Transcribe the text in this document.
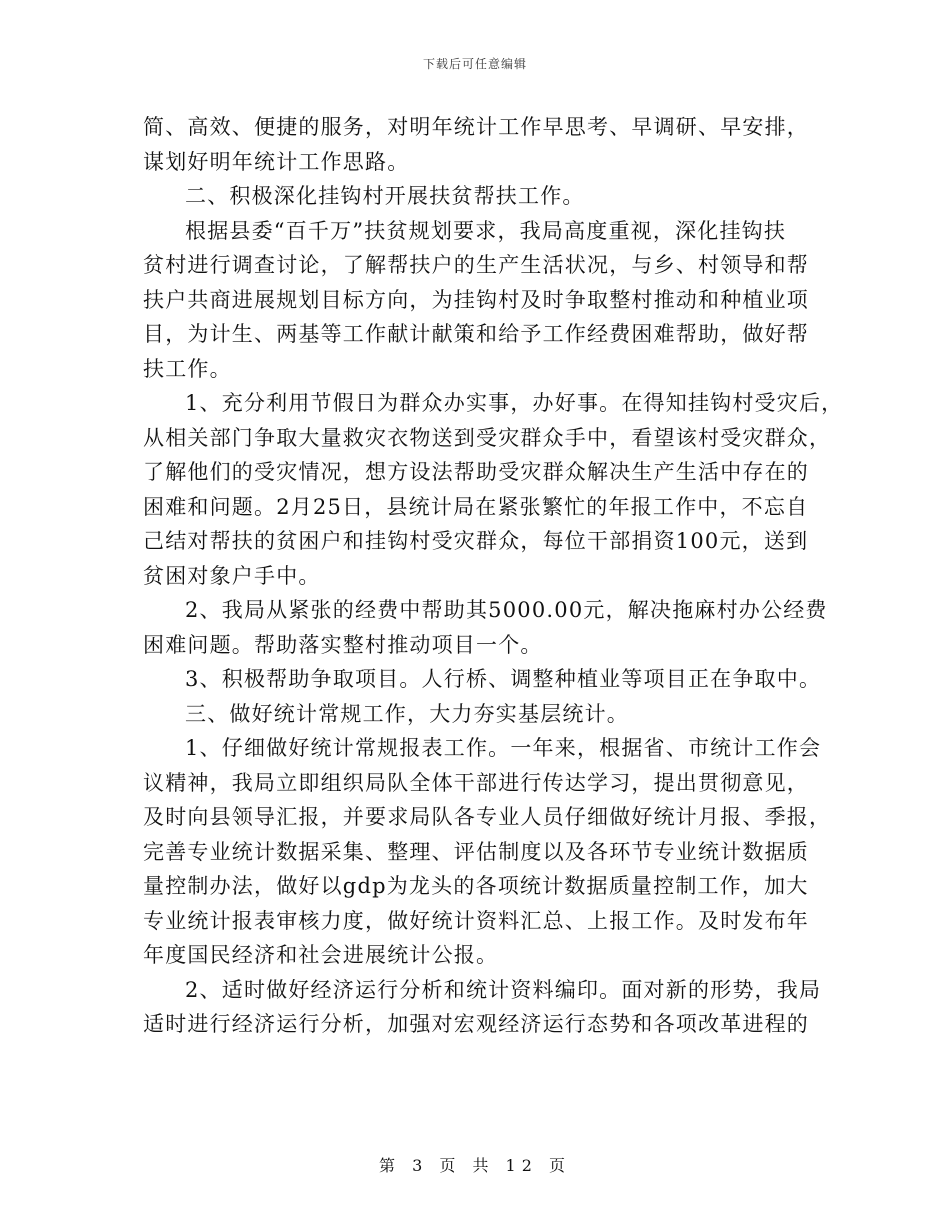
下载后可任意编辑
简、高效、便捷的服务，对明年统计工作早思考、早调研、早安排，
谋划好明年统计工作思路。
二、积极深化挂钩村开展扶贫帮扶工作。
根据县委“百千万”扶贫规划要求，我局高度重视，深化挂钩扶
贫村进行调查讨论，了解帮扶户的生产生活状况，与乡、村领导和帮
扶户共商进展规划目标方向，为挂钩村及时争取整村推动和种植业项
目，为计生、两基等工作献计献策和给予工作经费困难帮助，做好帮
扶工作。
1、充分利用节假日为群众办实事，办好事。在得知挂钩村受灾后，
从相关部门争取大量救灾衣物送到受灾群众手中，看望该村受灾群众，
了解他们的受灾情况，想方设法帮助受灾群众解决生产生活中存在的
困难和问题。2月25日，县统计局在紧张繁忙的年报工作中，不忘自
己结对帮扶的贫困户和挂钩村受灾群众，每位干部捐资100元，送到
贫困对象户手中。
2、我局从紧张的经费中帮助其5000.00元，解决拖麻村办公经费
困难问题。帮助落实整村推动项目一个。
3、积极帮助争取项目。人行桥、调整种植业等项目正在争取中。
三、做好统计常规工作，大力夯实基层统计。
1、仔细做好统计常规报表工作。一年来，根据省、市统计工作会
议精神，我局立即组织局队全体干部进行传达学习，提出贯彻意见，
及时向县领导汇报，并要求局队各专业人员仔细做好统计月报、季报，
完善专业统计数据采集、整理、评估制度以及各环节专业统计数据质
量控制办法，做好以gdp为龙头的各项统计数据质量控制工作，加大
专业统计报表审核力度，做好统计资料汇总、上报工作。及时发布年
年度国民经济和社会进展统计公报。
2、适时做好经济运行分析和统计资料编印。面对新的形势，我局
适时进行经济运行分析，加强对宏观经济运行态势和各项改革进程的
第 3 页 共 12 页
